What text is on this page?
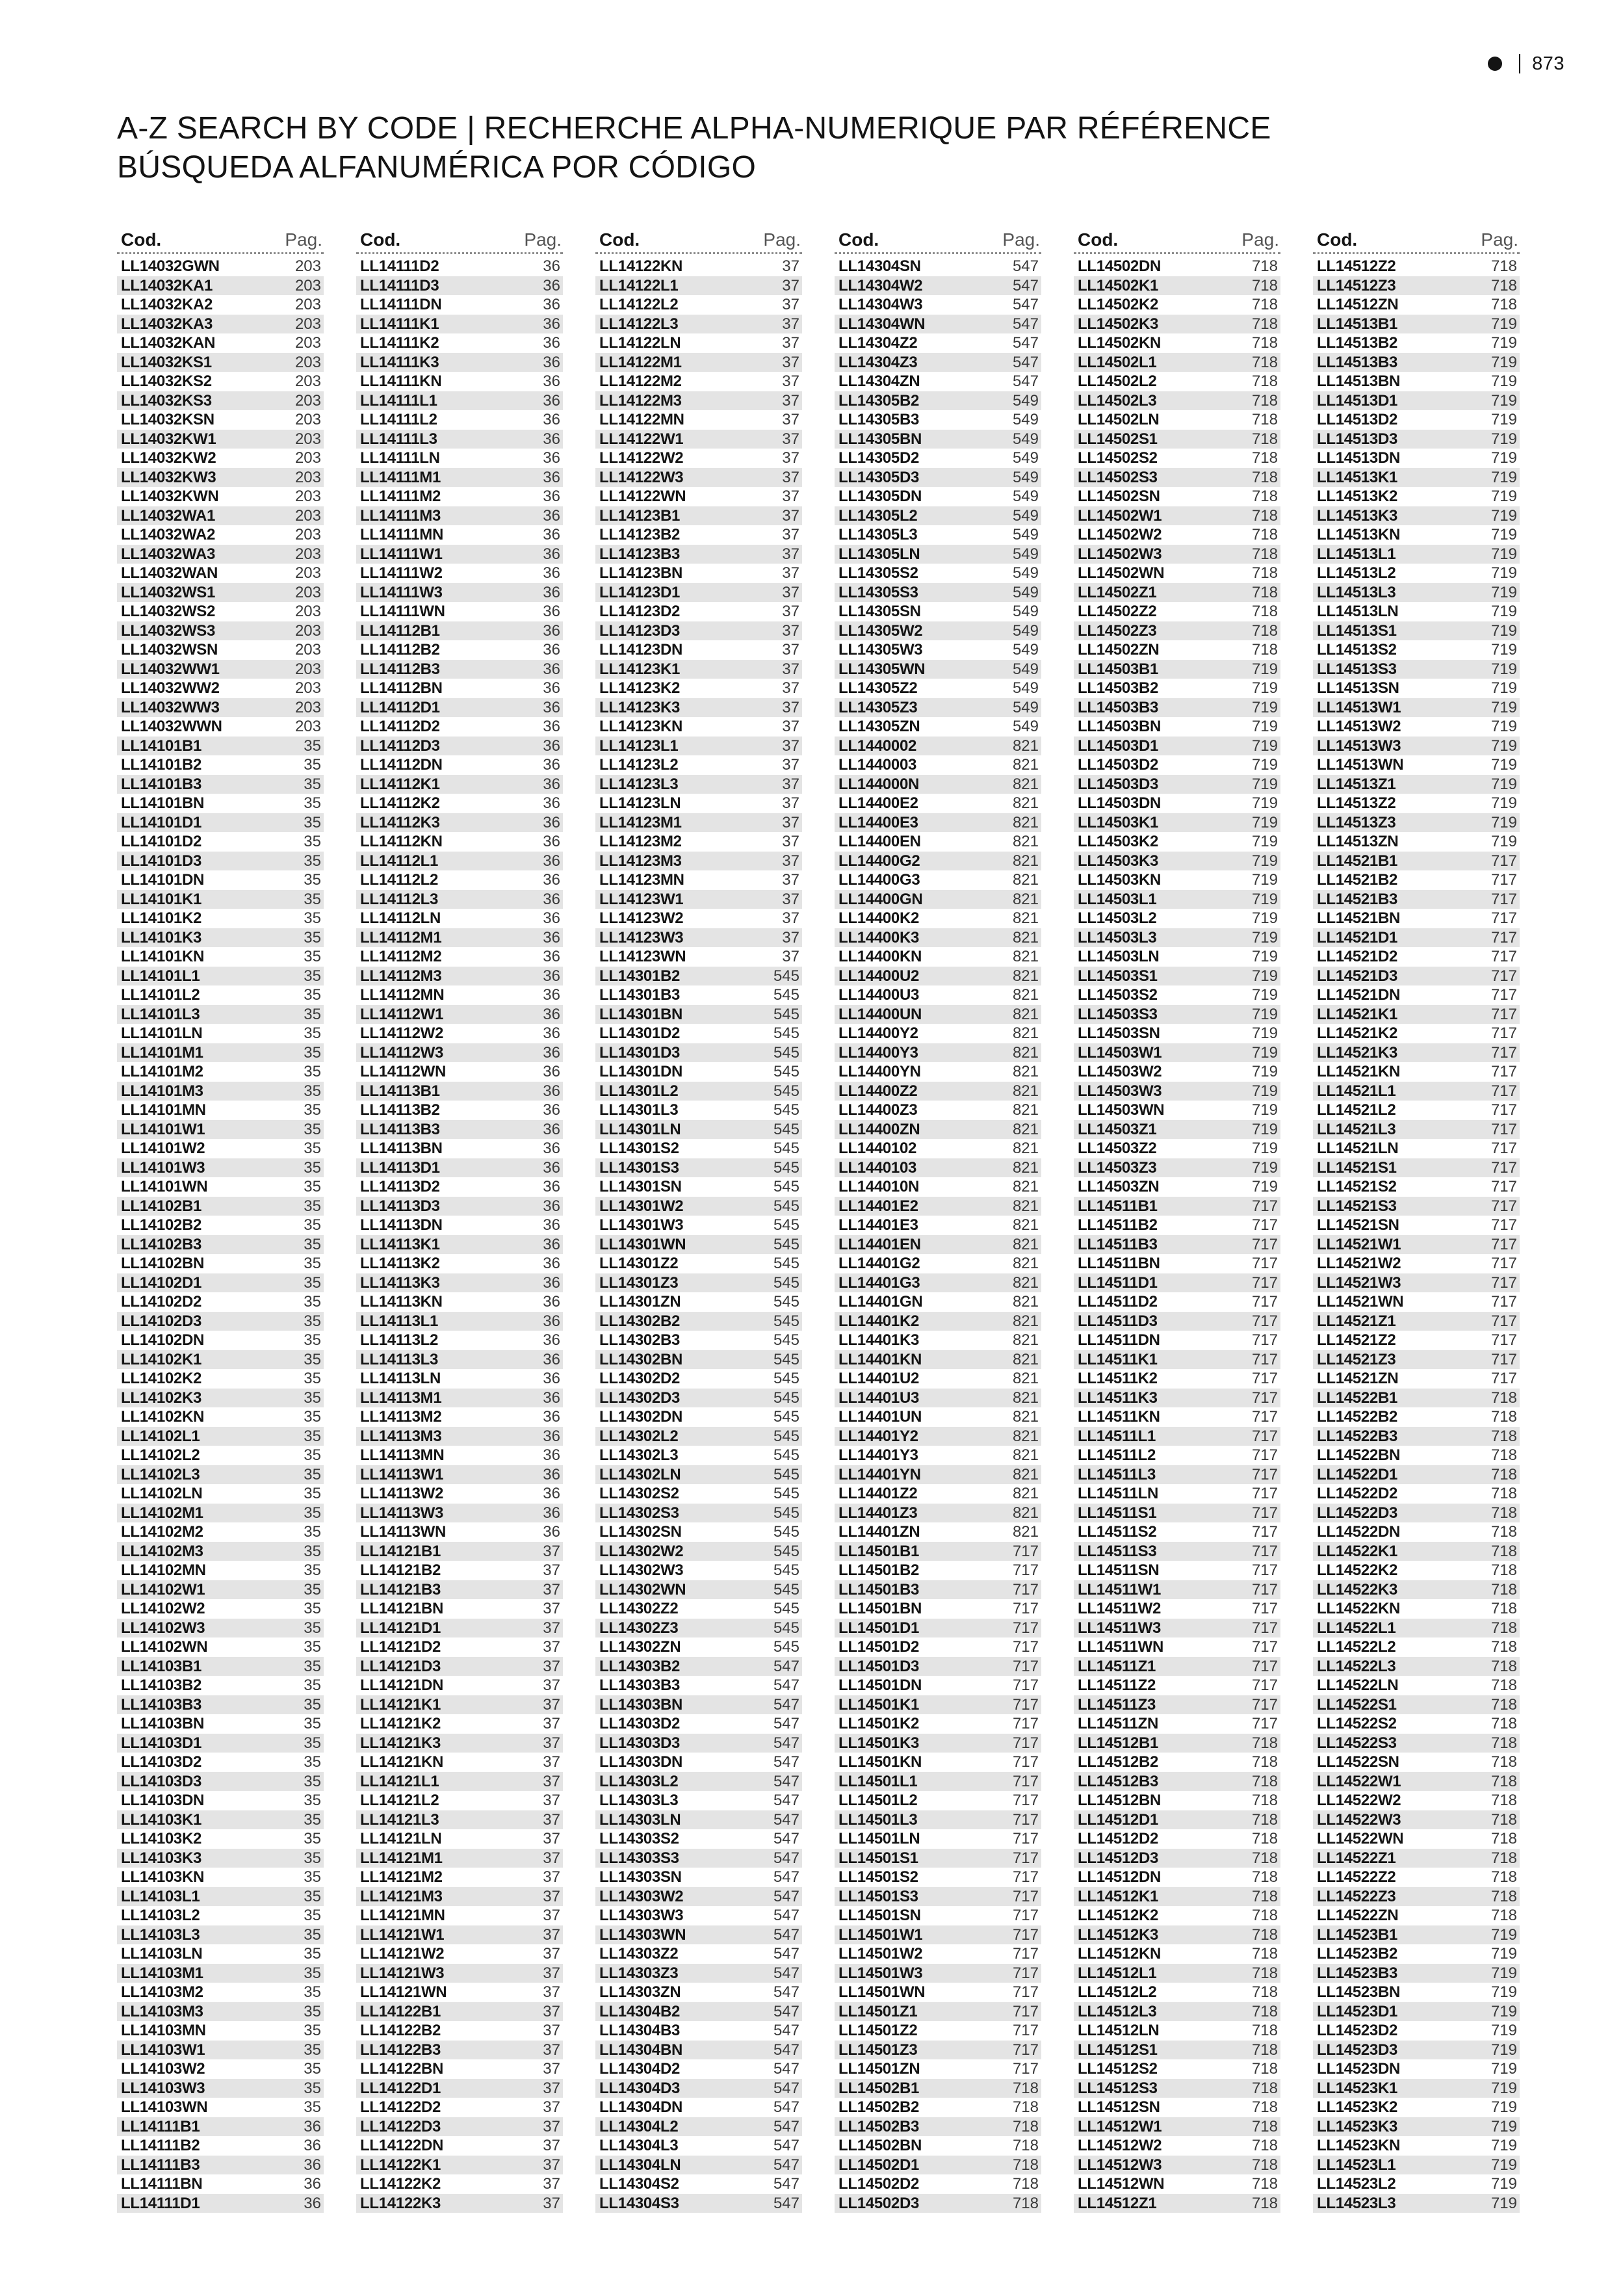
873
A-Z SEARCH BY CODE | RECHERCHE ALPHA-NUMERIQUE PAR RÉFÉRENCE
BÚSQUEDA ALFANUMÉRICA POR CÓDIGO
Cod.	Pag.
LL14032GWN	203
LL14032KA1	203
LL14032KA2	203
LL14032KA3	203
LL14032KAN	203
LL14032KS1	203
LL14032KS2	203
LL14032KS3	203
LL14032KSN	203
LL14032KW1	203
LL14032KW2	203
LL14032KW3	203
LL14032KWN	203
LL14032WA1	203
LL14032WA2	203
LL14032WA3	203
LL14032WAN	203
LL14032WS1	203
LL14032WS2	203
LL14032WS3	203
LL14032WSN	203
LL14032WW1	203
LL14032WW2	203
LL14032WW3	203
LL14032WWN	203
LL14101B1	35
LL14101B2	35
LL14101B3	35
LL14101BN	35
LL14101D1	35
LL14101D2	35
LL14101D3	35
LL14101DN	35
LL14101K1	35
LL14101K2	35
LL14101K3	35
LL14101KN	35
LL14101L1	35
LL14101L2	35
LL14101L3	35
LL14101LN	35
LL14101M1	35
LL14101M2	35
LL14101M3	35
LL14101MN	35
LL14101W1	35
LL14101W2	35
LL14101W3	35
LL14101WN	35
LL14102B1	35
LL14102B2	35
LL14102B3	35
LL14102BN	35
LL14102D1	35
LL14102D2	35
LL14102D3	35
LL14102DN	35
LL14102K1	35
LL14102K2	35
LL14102K3	35
LL14102KN	35
LL14102L1	35
LL14102L2	35
LL14102L3	35
LL14102LN	35
LL14102M1	35
LL14102M2	35
LL14102M3	35
LL14102MN	35
LL14102W1	35
LL14102W2	35
LL14102W3	35
LL14102WN	35
LL14103B1	35
LL14103B2	35
LL14103B3	35
LL14103BN	35
LL14103D1	35
LL14103D2	35
LL14103D3	35
LL14103DN	35
LL14103K1	35
LL14103K2	35
LL14103K3	35
LL14103KN	35
LL14103L1	35
LL14103L2	35
LL14103L3	35
LL14103LN	35
LL14103M1	35
LL14103M2	35
LL14103M3	35
LL14103MN	35
LL14103W1	35
LL14103W2	35
LL14103W3	35
LL14103WN	35
LL14111B1	36
LL14111B2	36
LL14111B3	36
LL14111BN	36
LL14111D1	36
Cod.	Pag.
LL14111D2	36
LL14111D3	36
LL14111DN	36
LL14111K1	36
LL14111K2	36
LL14111K3	36
LL14111KN	36
LL14111L1	36
LL14111L2	36
LL14111L3	36
LL14111LN	36
LL14111M1	36
LL14111M2	36
LL14111M3	36
LL14111MN	36
LL14111W1	36
LL14111W2	36
LL14111W3	36
LL14111WN	36
LL14112B1	36
LL14112B2	36
LL14112B3	36
LL14112BN	36
LL14112D1	36
LL14112D2	36
LL14112D3	36
LL14112DN	36
LL14112K1	36
LL14112K2	36
LL14112K3	36
LL14112KN	36
LL14112L1	36
LL14112L2	36
LL14112L3	36
LL14112LN	36
LL14112M1	36
LL14112M2	36
LL14112M3	36
LL14112MN	36
LL14112W1	36
LL14112W2	36
LL14112W3	36
LL14112WN	36
LL14113B1	36
LL14113B2	36
LL14113B3	36
LL14113BN	36
LL14113D1	36
LL14113D2	36
LL14113D3	36
LL14113DN	36
LL14113K1	36
LL14113K2	36
LL14113K3	36
LL14113KN	36
LL14113L1	36
LL14113L2	36
LL14113L3	36
LL14113LN	36
LL14113M1	36
LL14113M2	36
LL14113M3	36
LL14113MN	36
LL14113W1	36
LL14113W2	36
LL14113W3	36
LL14113WN	36
LL14121B1	37
LL14121B2	37
LL14121B3	37
LL14121BN	37
LL14121D1	37
LL14121D2	37
LL14121D3	37
LL14121DN	37
LL14121K1	37
LL14121K2	37
LL14121K3	37
LL14121KN	37
LL14121L1	37
LL14121L2	37
LL14121L3	37
LL14121LN	37
LL14121M1	37
LL14121M2	37
LL14121M3	37
LL14121MN	37
LL14121W1	37
LL14121W2	37
LL14121W3	37
LL14121WN	37
LL14122B1	37
LL14122B2	37
LL14122B3	37
LL14122BN	37
LL14122D1	37
LL14122D2	37
LL14122D3	37
LL14122DN	37
LL14122K1	37
LL14122K2	37
LL14122K3	37
Cod.	Pag.
LL14122KN	37
LL14122L1	37
LL14122L2	37
LL14122L3	37
LL14122LN	37
LL14122M1	37
LL14122M2	37
LL14122M3	37
LL14122MN	37
LL14122W1	37
LL14122W2	37
LL14122W3	37
LL14122WN	37
LL14123B1	37
LL14123B2	37
LL14123B3	37
LL14123BN	37
LL14123D1	37
LL14123D2	37
LL14123D3	37
LL14123DN	37
LL14123K1	37
LL14123K2	37
LL14123K3	37
LL14123KN	37
LL14123L1	37
LL14123L2	37
LL14123L3	37
LL14123LN	37
LL14123M1	37
LL14123M2	37
LL14123M3	37
LL14123MN	37
LL14123W1	37
LL14123W2	37
LL14123W3	37
LL14123WN	37
LL14301B2	545
LL14301B3	545
LL14301BN	545
LL14301D2	545
LL14301D3	545
LL14301DN	545
LL14301L2	545
LL14301L3	545
LL14301LN	545
LL14301S2	545
LL14301S3	545
LL14301SN	545
LL14301W2	545
LL14301W3	545
LL14301WN	545
LL14301Z2	545
LL14301Z3	545
LL14301ZN	545
LL14302B2	545
LL14302B3	545
LL14302BN	545
LL14302D2	545
LL14302D3	545
LL14302DN	545
LL14302L2	545
LL14302L3	545
LL14302LN	545
LL14302S2	545
LL14302S3	545
LL14302SN	545
LL14302W2	545
LL14302W3	545
LL14302WN	545
LL14302Z2	545
LL14302Z3	545
LL14302ZN	545
LL14303B2	547
LL14303B3	547
LL14303BN	547
LL14303D2	547
LL14303D3	547
LL14303DN	547
LL14303L2	547
LL14303L3	547
LL14303LN	547
LL14303S2	547
LL14303S3	547
LL14303SN	547
LL14303W2	547
LL14303W3	547
LL14303WN	547
LL14303Z2	547
LL14303Z3	547
LL14303ZN	547
LL14304B2	547
LL14304B3	547
LL14304BN	547
LL14304D2	547
LL14304D3	547
LL14304DN	547
LL14304L2	547
LL14304L3	547
LL14304LN	547
LL14304S2	547
LL14304S3	547
Cod.	Pag.
LL14304SN	547
LL14304W2	547
LL14304W3	547
LL14304WN	547
LL14304Z2	547
LL14304Z3	547
LL14304ZN	547
LL14305B2	549
LL14305B3	549
LL14305BN	549
LL14305D2	549
LL14305D3	549
LL14305DN	549
LL14305L2	549
LL14305L3	549
LL14305LN	549
LL14305S2	549
LL14305S3	549
LL14305SN	549
LL14305W2	549
LL14305W3	549
LL14305WN	549
LL14305Z2	549
LL14305Z3	549
LL14305ZN	549
LL1440002	821
LL1440003	821
LL144000N	821
LL14400E2	821
LL14400E3	821
LL14400EN	821
LL14400G2	821
LL14400G3	821
LL14400GN	821
LL14400K2	821
LL14400K3	821
LL14400KN	821
LL14400U2	821
LL14400U3	821
LL14400UN	821
LL14400Y2	821
LL14400Y3	821
LL14400YN	821
LL14400Z2	821
LL14400Z3	821
LL14400ZN	821
LL1440102	821
LL1440103	821
LL144010N	821
LL14401E2	821
LL14401E3	821
LL14401EN	821
LL14401G2	821
LL14401G3	821
LL14401GN	821
LL14401K2	821
LL14401K3	821
LL14401KN	821
LL14401U2	821
LL14401U3	821
LL14401UN	821
LL14401Y2	821
LL14401Y3	821
LL14401YN	821
LL14401Z2	821
LL14401Z3	821
LL14401ZN	821
LL14501B1	717
LL14501B2	717
LL14501B3	717
LL14501BN	717
LL14501D1	717
LL14501D2	717
LL14501D3	717
LL14501DN	717
LL14501K1	717
LL14501K2	717
LL14501K3	717
LL14501KN	717
LL14501L1	717
LL14501L2	717
LL14501L3	717
LL14501LN	717
LL14501S1	717
LL14501S2	717
LL14501S3	717
LL14501SN	717
LL14501W1	717
LL14501W2	717
LL14501W3	717
LL14501WN	717
LL14501Z1	717
LL14501Z2	717
LL14501Z3	717
LL14501ZN	717
LL14502B1	718
LL14502B2	718
LL14502B3	718
LL14502BN	718
LL14502D1	718
LL14502D2	718
LL14502D3	718
Cod.	Pag.
LL14502DN	718
LL14502K1	718
LL14502K2	718
LL14502K3	718
LL14502KN	718
LL14502L1	718
LL14502L2	718
LL14502L3	718
LL14502LN	718
LL14502S1	718
LL14502S2	718
LL14502S3	718
LL14502SN	718
LL14502W1	718
LL14502W2	718
LL14502W3	718
LL14502WN	718
LL14502Z1	718
LL14502Z2	718
LL14502Z3	718
LL14502ZN	718
LL14503B1	719
LL14503B2	719
LL14503B3	719
LL14503BN	719
LL14503D1	719
LL14503D2	719
LL14503D3	719
LL14503DN	719
LL14503K1	719
LL14503K2	719
LL14503K3	719
LL14503KN	719
LL14503L1	719
LL14503L2	719
LL14503L3	719
LL14503LN	719
LL14503S1	719
LL14503S2	719
LL14503S3	719
LL14503SN	719
LL14503W1	719
LL14503W2	719
LL14503W3	719
LL14503WN	719
LL14503Z1	719
LL14503Z2	719
LL14503Z3	719
LL14503ZN	719
LL14511B1	717
LL14511B2	717
LL14511B3	717
LL14511BN	717
LL14511D1	717
LL14511D2	717
LL14511D3	717
LL14511DN	717
LL14511K1	717
LL14511K2	717
LL14511K3	717
LL14511KN	717
LL14511L1	717
LL14511L2	717
LL14511L3	717
LL14511LN	717
LL14511S1	717
LL14511S2	717
LL14511S3	717
LL14511SN	717
LL14511W1	717
LL14511W2	717
LL14511W3	717
LL14511WN	717
LL14511Z1	717
LL14511Z2	717
LL14511Z3	717
LL14511ZN	717
LL14512B1	718
LL14512B2	718
LL14512B3	718
LL14512BN	718
LL14512D1	718
LL14512D2	718
LL14512D3	718
LL14512DN	718
LL14512K1	718
LL14512K2	718
LL14512K3	718
LL14512KN	718
LL14512L1	718
LL14512L2	718
LL14512L3	718
LL14512LN	718
LL14512S1	718
LL14512S2	718
LL14512S3	718
LL14512SN	718
LL14512W1	718
LL14512W2	718
LL14512W3	718
LL14512WN	718
LL14512Z1	718
Cod.	Pag.
LL14512Z2	718
LL14512Z3	718
LL14512ZN	718
LL14513B1	719
LL14513B2	719
LL14513B3	719
LL14513BN	719
LL14513D1	719
LL14513D2	719
LL14513D3	719
LL14513DN	719
LL14513K1	719
LL14513K2	719
LL14513K3	719
LL14513KN	719
LL14513L1	719
LL14513L2	719
LL14513L3	719
LL14513LN	719
LL14513S1	719
LL14513S2	719
LL14513S3	719
LL14513SN	719
LL14513W1	719
LL14513W2	719
LL14513W3	719
LL14513WN	719
LL14513Z1	719
LL14513Z2	719
LL14513Z3	719
LL14513ZN	719
LL14521B1	717
LL14521B2	717
LL14521B3	717
LL14521BN	717
LL14521D1	717
LL14521D2	717
LL14521D3	717
LL14521DN	717
LL14521K1	717
LL14521K2	717
LL14521K3	717
LL14521KN	717
LL14521L1	717
LL14521L2	717
LL14521L3	717
LL14521LN	717
LL14521S1	717
LL14521S2	717
LL14521S3	717
LL14521SN	717
LL14521W1	717
LL14521W2	717
LL14521W3	717
LL14521WN	717
LL14521Z1	717
LL14521Z2	717
LL14521Z3	717
LL14521ZN	717
LL14522B1	718
LL14522B2	718
LL14522B3	718
LL14522BN	718
LL14522D1	718
LL14522D2	718
LL14522D3	718
LL14522DN	718
LL14522K1	718
LL14522K2	718
LL14522K3	718
LL14522KN	718
LL14522L1	718
LL14522L2	718
LL14522L3	718
LL14522LN	718
LL14522S1	718
LL14522S2	718
LL14522S3	718
LL14522SN	718
LL14522W1	718
LL14522W2	718
LL14522W3	718
LL14522WN	718
LL14522Z1	718
LL14522Z2	718
LL14522Z3	718
LL14522ZN	718
LL14523B1	719
LL14523B2	719
LL14523B3	719
LL14523BN	719
LL14523D1	719
LL14523D2	719
LL14523D3	719
LL14523DN	719
LL14523K1	719
LL14523K2	719
LL14523K3	719
LL14523KN	719
LL14523L1	719
LL14523L2	719
LL14523L3	719
